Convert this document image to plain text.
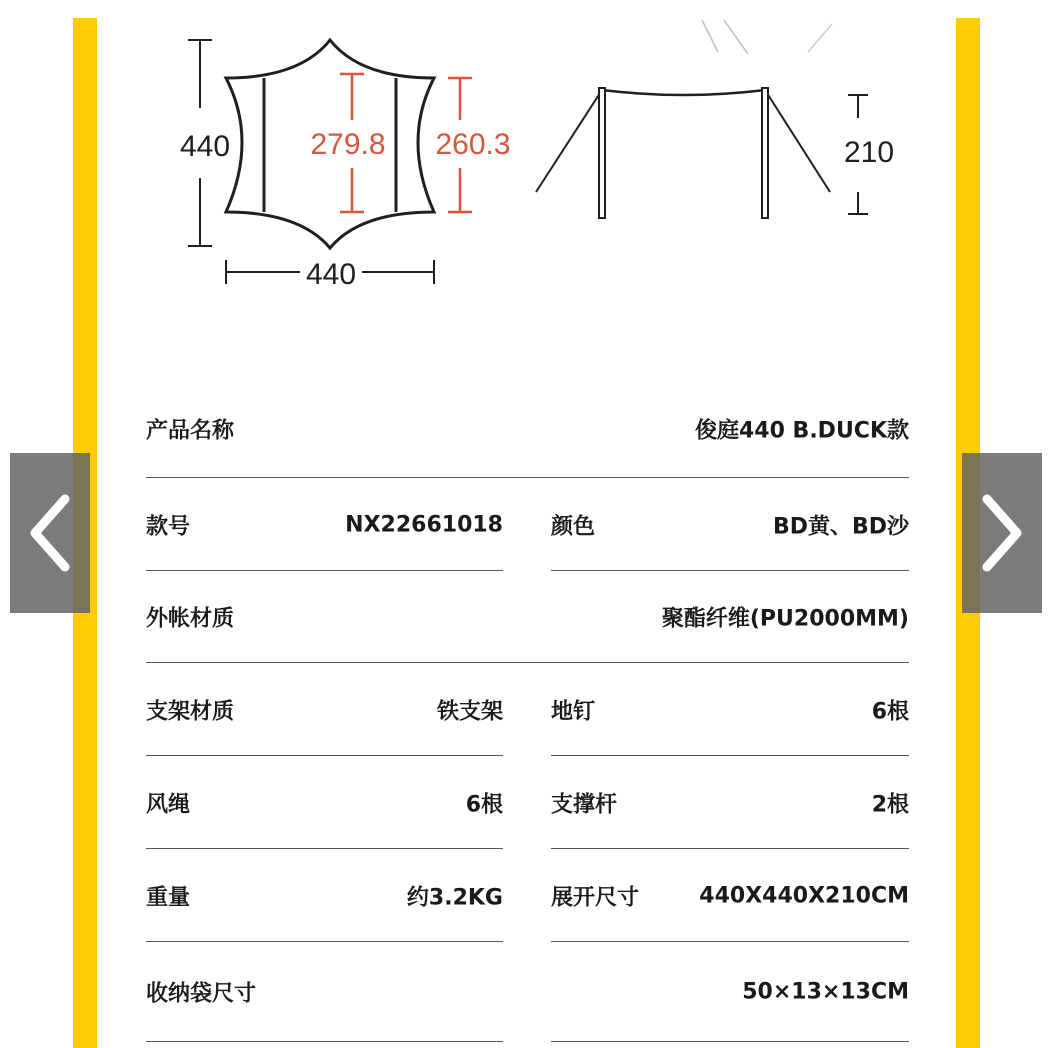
440
440
279.8 260.3	210
产品名称	俊庭440 B.DUCK款
款号	NX22661018 颜色	BD黄、BD沙
外帐材质	聚酯纤维(PU2000MM)
支架材质	铁支架 地钉	6根
风绳	6根 支撑杆	2根
重量	约3.2KG 展开尺寸	440X440X210CM
收纳袋尺寸	50×13×13CM
